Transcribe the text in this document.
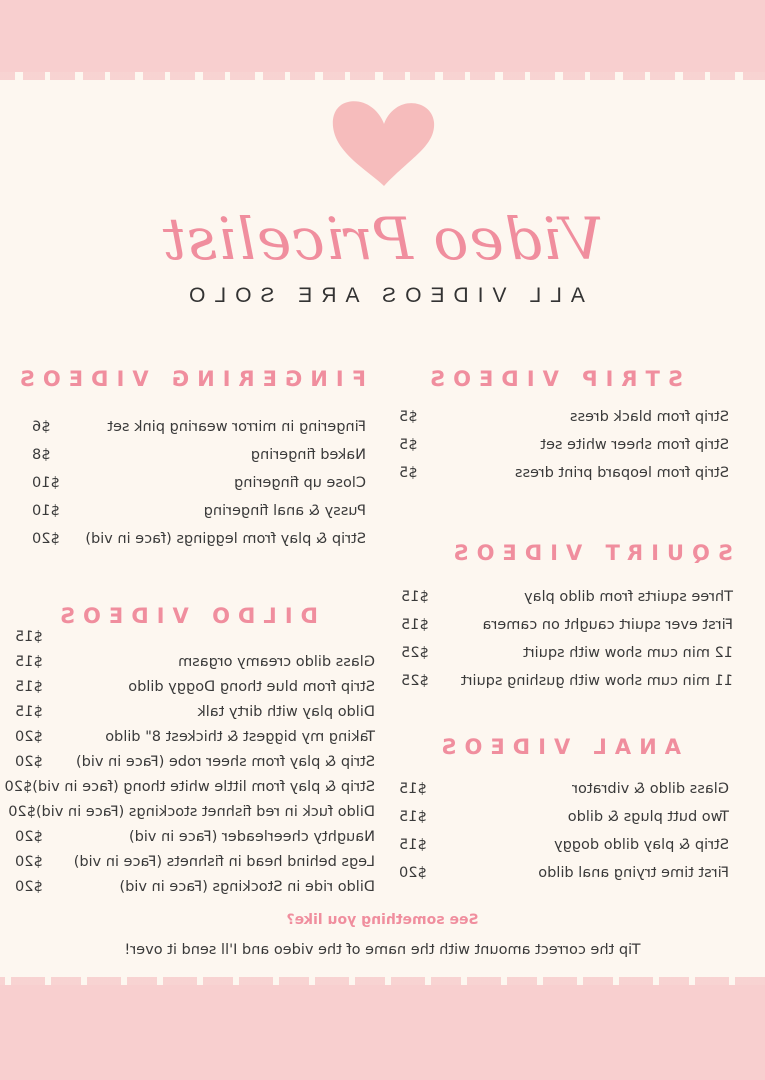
Video Pricelist

ALL VIDEOS ARE SOLO

STRIP VIDEOS
Strip from black dress
$5
Strip from sheer white set
$5
Strip from leopard print dress
$5
SQUIRT VIDEOS
Three squirts from dildo play
$15
First ever squirt caught on camera
$15
12 min cum show with squirt
$25
11 min cum show with gushing squirt
$25
ANAL VIDEOS
Glass dildo & vibrator
$15
Two butt plugs & dildo
$15
Strip & play dildo doggy
$15
First time trying anal dildo
$20
FINGERING VIDEOS
Fingering in mirror wearing pink set
$6
Naked fingering
$8
Close up fingering
$10
Pussy & anal fingering
$10
Strip & play from leggings (face in vid)
$20
DILDO VIDEOS
$15
Glass dildo creamy orgasm
$15
Strip from blue thong Doggy dildo
$15
Dildo play with dirty talk
$15
Taking my biggest & thickest 8" dildo
$20
Strip & play from sheer robe (Face in vid)
$20
Strip & play from little white thong (face in vid)
$20
Dildo fuck in red fishnet stockings (Face in vid)
$20
Naughty cheerleader (Face in vid)
$20
Legs behind head in fishnets (Face in vid)
$20
Dildo ride in Stockings (Face in vid)
$20

See something you like?

Tip the correct amount with the name of the video and I'll send it over!
